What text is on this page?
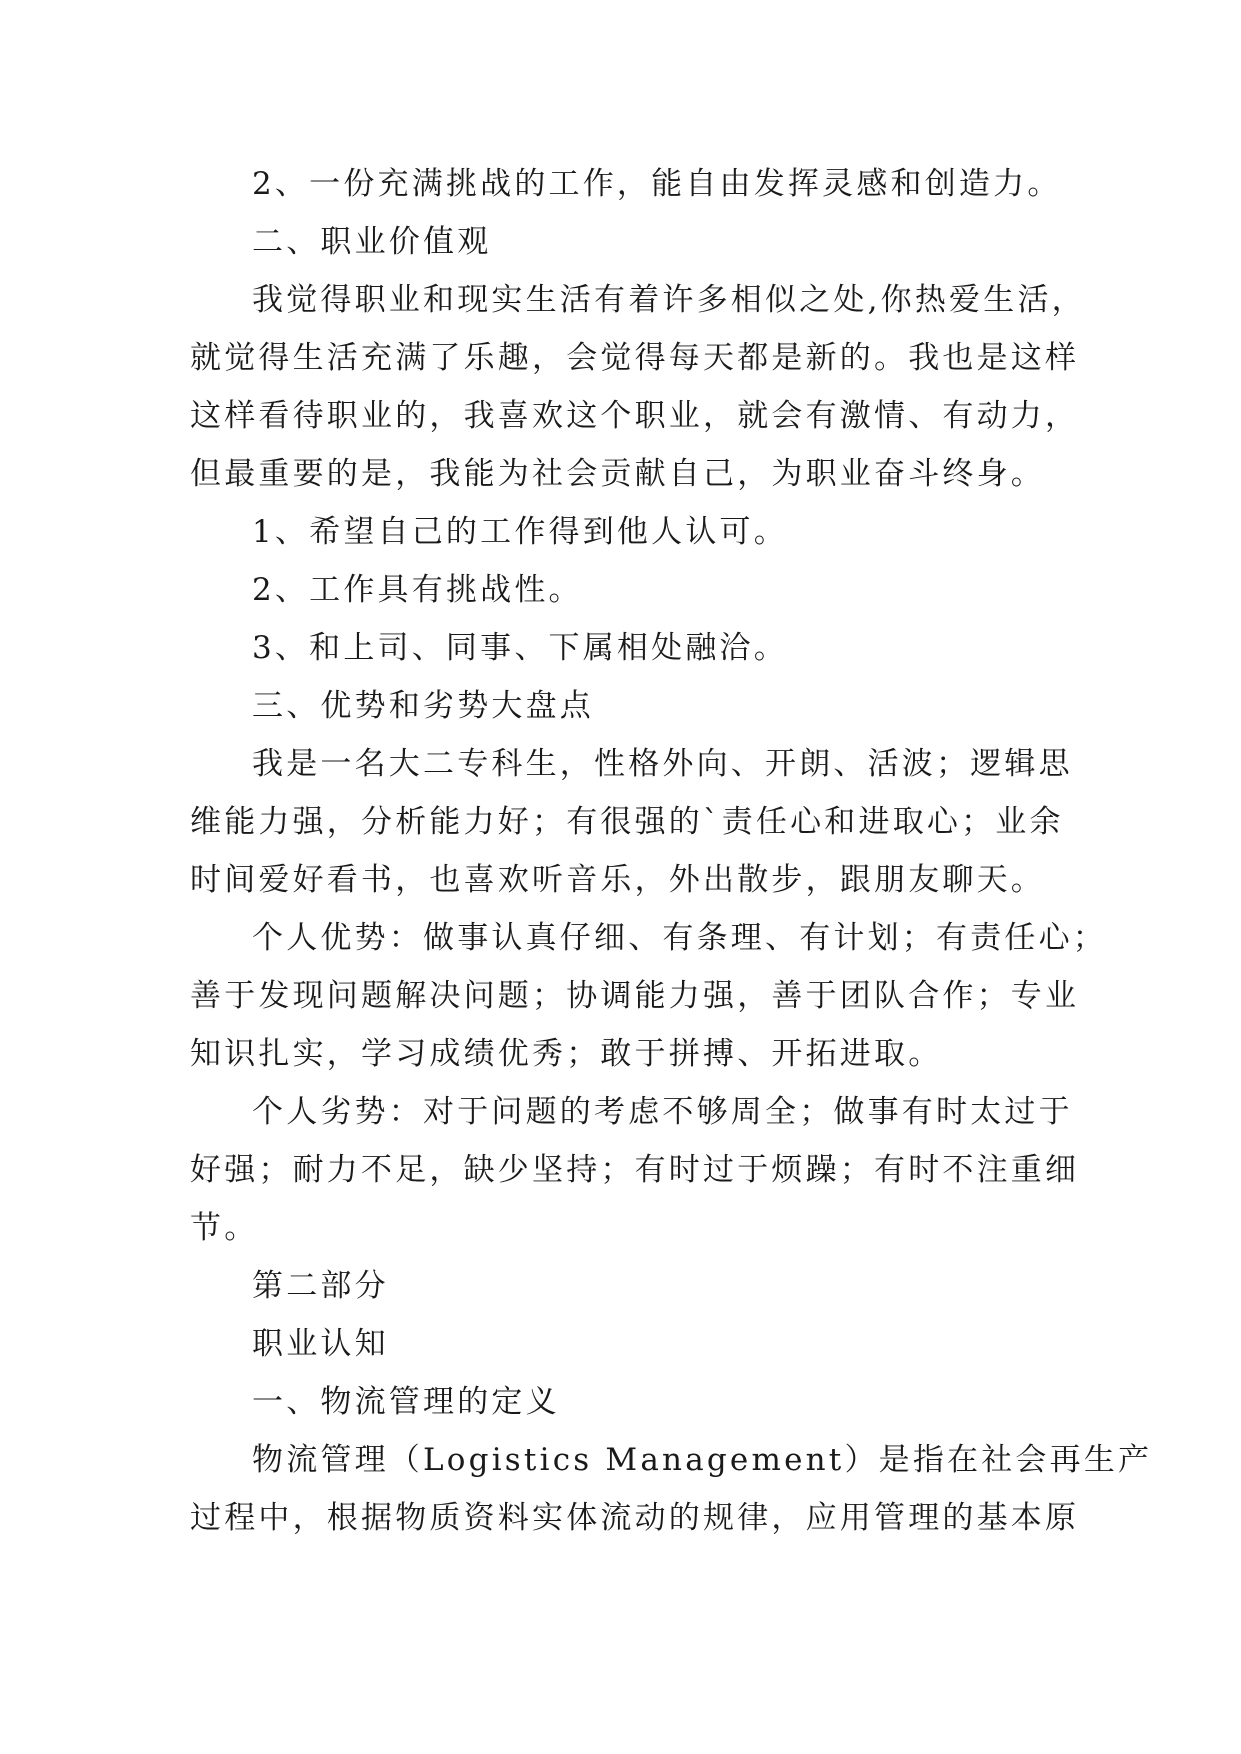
2、一份充满挑战的工作，能自由发挥灵感和创造力。
二、职业价值观
我觉得职业和现实生活有着许多相似之处,你热爱生活，
就觉得生活充满了乐趣，会觉得每天都是新的。我也是这样
这样看待职业的，我喜欢这个职业，就会有激情、有动力，
但最重要的是，我能为社会贡献自己，为职业奋斗终身。
1、希望自己的工作得到他人认可。
2、工作具有挑战性。
3、和上司、同事、下属相处融洽。
三、优势和劣势大盘点
我是一名大二专科生，性格外向、开朗、活波；逻辑思
维能力强，分析能力好；有很强的`责任心和进取心；业余
时间爱好看书，也喜欢听音乐，外出散步，跟朋友聊天。
个人优势：做事认真仔细、有条理、有计划；有责任心；
善于发现问题解决问题；协调能力强，善于团队合作；专业
知识扎实，学习成绩优秀；敢于拼搏、开拓进取。
个人劣势：对于问题的考虑不够周全；做事有时太过于
好强；耐力不足，缺少坚持；有时过于烦躁；有时不注重细
节。
第二部分
职业认知
一、物流管理的定义
物流管理（Logistics Management）是指在社会再生产
过程中，根据物质资料实体流动的规律，应用管理的基本原
